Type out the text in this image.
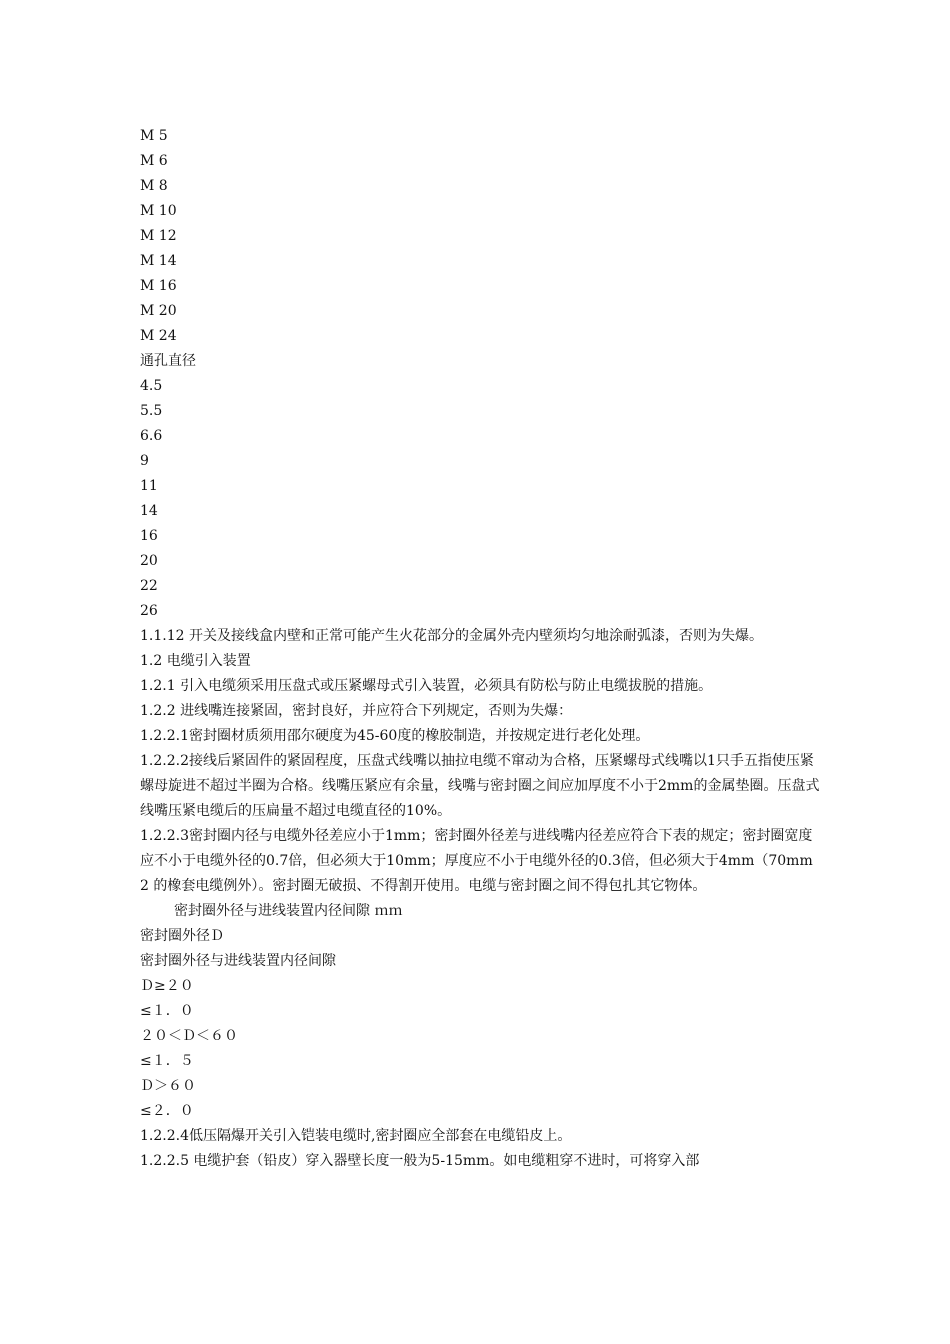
M 5
M 6
M 8
M 10
M 12
M 14
M 16
M 20
M 24
通孔直径
4.5
5.5
6.6
9
11
14
16
20
22
26
1.1.12 开关及接线盒内壁和正常可能产生火花部分的金属外壳内壁须均匀地涂耐弧漆，否则为失爆。
1.2 电缆引入装置
1.2.1 引入电缆须采用压盘式或压紧螺母式引入装置，必须具有防松与防止电缆拔脱的措施。
1.2.2 进线嘴连接紧固，密封良好，并应符合下列规定，否则为失爆：
1.2.2.1密封圈材质须用邵尔硬度为45-60度的橡胶制造，并按规定进行老化处理。
1.2.2.2接线后紧固件的紧固程度，压盘式线嘴以抽拉电缆不窜动为合格，压紧螺母式线嘴以1只手五指使压紧螺母旋进不超过半圈为合格。线嘴压紧应有余量，线嘴与密封圈之间应加厚度不小于2mm的金属垫圈。压盘式线嘴压紧电缆后的压扁量不超过电缆直径的10%。
1.2.2.3密封圈内径与电缆外径差应小于1mm；密封圈外径差与进线嘴内径差应符合下表的规定；密封圈宽度应不小于电缆外径的0.7倍，但必须大于10mm；厚度应不小于电缆外径的0.3倍，但必须大于4mm（70mm2 的橡套电缆例外）。密封圈无破损、不得割开使用。电缆与密封圈之间不得包扎其它物体。
密封圈外径与进线装置内径间隙 ｍｍ
密封圈外径Ｄ
密封圈外径与进线装置内径间隙
Ｄ≥２０
≤１．０
２０＜Ｄ＜６０
≤１．５
Ｄ＞６０
≤２．０
1.2.2.4低压隔爆开关引入铠装电缆时,密封圈应全部套在电缆铅皮上。
1.2.2.5 电缆护套（铅皮）穿入器壁长度一般为5-15mm。如电缆粗穿不进时，可将穿入部
